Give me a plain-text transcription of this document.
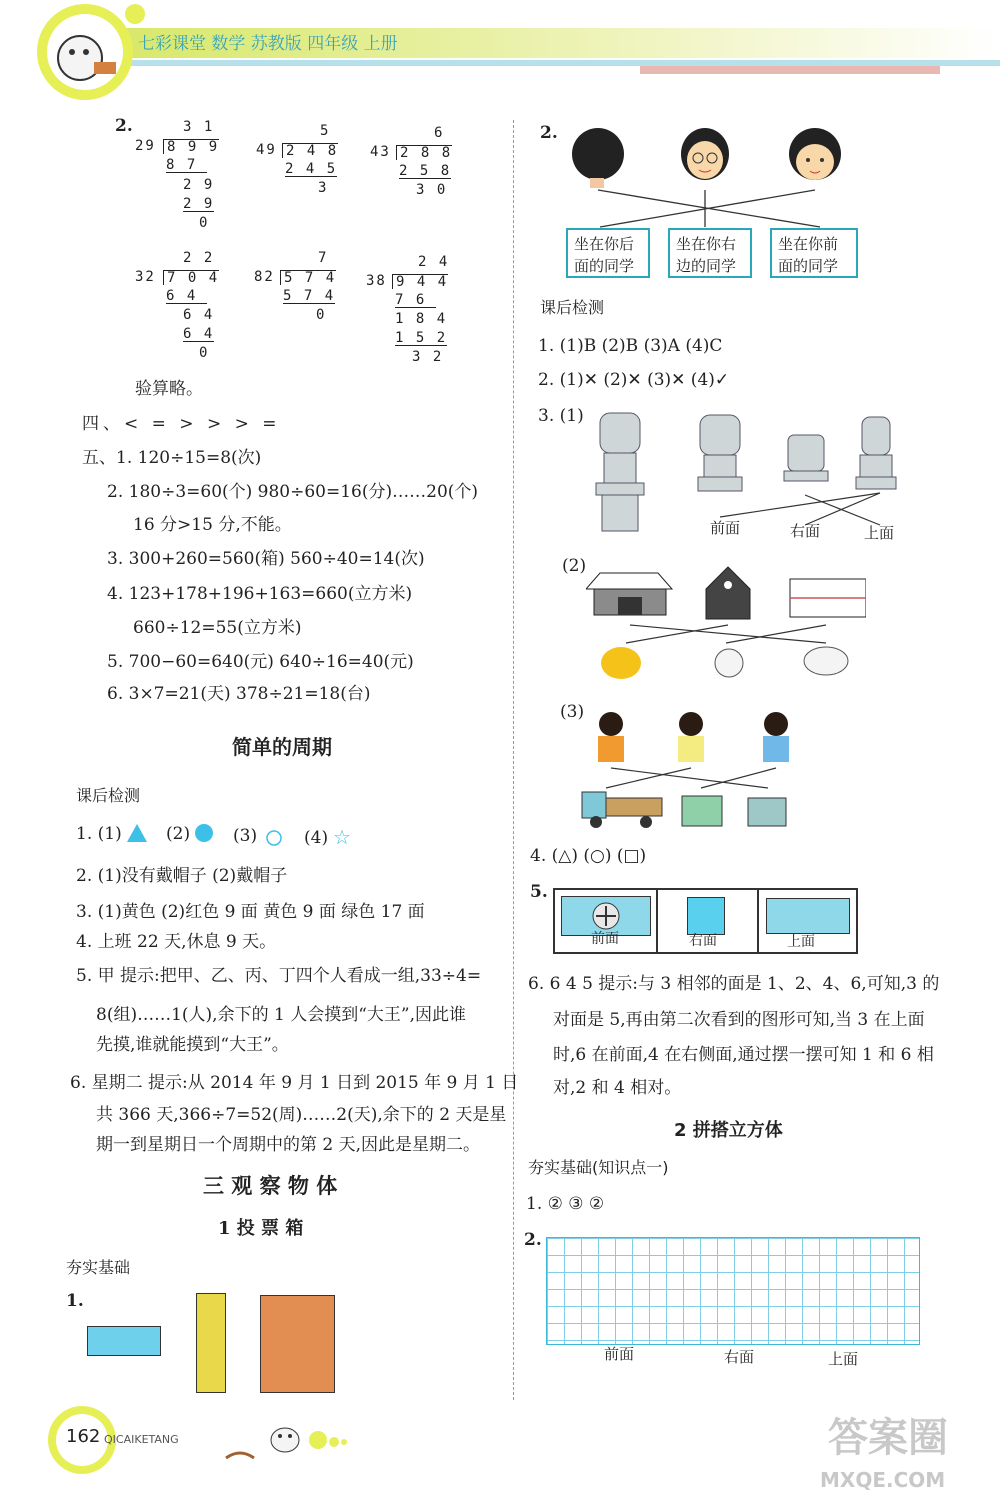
七彩课堂 数学 苏教版 四年级 上册
2.	3 1
29 8 9 9
8 7
2 9
2 9
0
5
49 2 4 8
2 4 5
3
6
43 2 8 8
2 5 8
3 0
2 2
32 7 0 4
6 4
6 4
6 4
0
7
82 5 7 4
5 7 4
0
2 4
38 9 4 4
7 6
1 8 4
1 5 2
3 2
验算略。
四、< = > > > =
五、1. 120÷15=8(次)
2. 180÷3=60(个) 980÷60=16(分)……20(个)
16 分>15 分,不能。
3. 300+260=560(箱) 560÷40=14(次)
4. 123+178+196+163=660(立方米)
660÷12=55(立方米)
5. 700−60=640(元) 640÷16=40(元)
6. 3×7=21(天) 378÷21=18(台)
简单的周期
课后检测
1. (1)	(2)	(3)	(4) ☆
2. (1)没有戴帽子 (2)戴帽子
3. (1)黄色 (2)红色 9 面 黄色 9 面 绿色 17 面
4. 上班 22 天,休息 9 天。
5. 甲 提示:把甲、乙、丙、丁四个人看成一组,33÷4=
8(组)……1(人),余下的 1 人会摸到“大王”,因此谁
先摸,谁就能摸到“大王”。
6. 星期二 提示:从 2014 年 9 月 1 日到 2015 年 9 月 1 日
共 366 天,366÷7=52(周)……2(天),余下的 2 天是星
期一到星期日一个周期中的第 2 天,因此是星期二。
三 观 察 物 体
1 投 票 箱
夯实基础
1.
2.
坐在你后面的同学
坐在你右边的同学
坐在你前面的同学
课后检测
1. (1)B (2)B (3)A (4)C
2. (1)✕ (2)✕ (3)✕ (4)✓
3. (1)
前面	右面	上面
(2)
(3)
4. (△) (○) (□)
5.
前面	右面	上面
6. 6 4 5 提示:与 3 相邻的面是 1、2、4、6,可知,3 的
对面是 5,再由第二次看到的图形可知,当 3 在上面
时,6 在前面,4 在右侧面,通过摆一摆可知 1 和 6 相
对,2 和 4 相对。
2 拼搭立方体
夯实基础(知识点一)
1. ② ③ ②
2.
前面	右面	上面
162 QICAIKETANG	答案圈
MXQE.COM
